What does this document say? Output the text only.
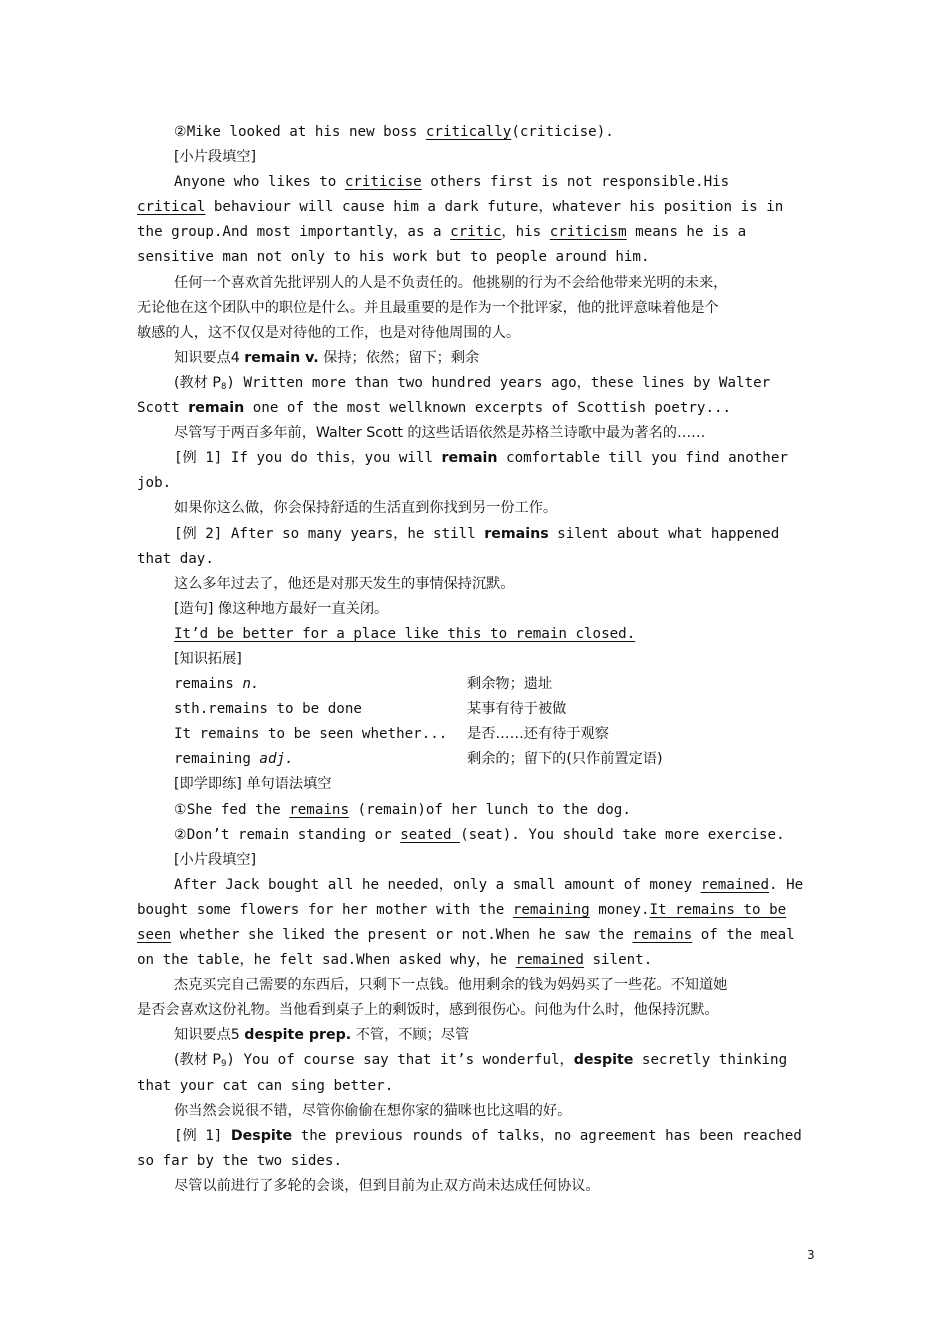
②Mike looked at his new boss critically(criticise).
[小片段填空]
Anyone who likes to criticise others first is not responsible.His
critical behaviour will cause him a dark future，whatever his position is in
the group.And most importantly，as a critic，his criticism means he is a
sensitive man not only to his work but to people around him.
任何一个喜欢首先批评别人的人是不负责任的。他挑剔的行为不会给他带来光明的未来，
无论他在这个团队中的职位是什么。并且最重要的是作为一个批评家，他的批评意味着他是个
敏感的人，这不仅仅是对待他的工作，也是对待他周围的人。
知识要点4 remain v. 保持；依然；留下；剩余
(教材 $P_8$) Written more than two hundred years ago，these lines by Walter
Scott remain one of the most wellknown excerpts of Scottish poetry...
尽管写于两百多年前，Walter Scott 的这些话语依然是苏格兰诗歌中最为著名的……
[例 1] If you do this，you will remain comfortable till you find another
job.
如果你这么做，你会保持舒适的生活直到你找到另一份工作。
[例 2] After so many years，he still remains silent about what happened
that day.
这么多年过去了，他还是对那天发生的事情保持沉默。
[造句] 像这种地方最好一直关闭。
It’d be better for a place like this to remain closed.
[知识拓展]
remains n.	剩余物；遗址
sth.remains to be done	某事有待于被做
It remains to be seen whether... 是否……还有待于观察
remaining adj.	剩余的；留下的(只作前置定语)
[即学即练] 单句语法填空
①She fed the remains (remain)of her lunch to the dog.
②Don’t remain standing or seated (seat). You should take more exercise.
[小片段填空]
After Jack bought all he needed，only a small amount of money remained. He
bought some flowers for her mother with the remaining money.It remains to be
seen whether she liked the present or not.When he saw the remains of the meal
on the table，he felt sad.When asked why，he remained silent.
杰克买完自己需要的东西后，只剩下一点钱。他用剩余的钱为妈妈买了一些花。不知道她
是否会喜欢这份礼物。当他看到桌子上的剩饭时，感到很伤心。问他为什么时，他保持沉默。
知识要点5 despite prep. 不管，不顾；尽管
(教材 $P_9$) You of course say that it’s wonderful，despite secretly thinking
that your cat can sing better.
你当然会说很不错，尽管你偷偷在想你家的猫咪也比这唱的好。
[例 1] Despite the previous rounds of talks，no agreement has been reached
so far by the two sides.
尽管以前进行了多轮的会谈，但到目前为止双方尚未达成任何协议。
3
